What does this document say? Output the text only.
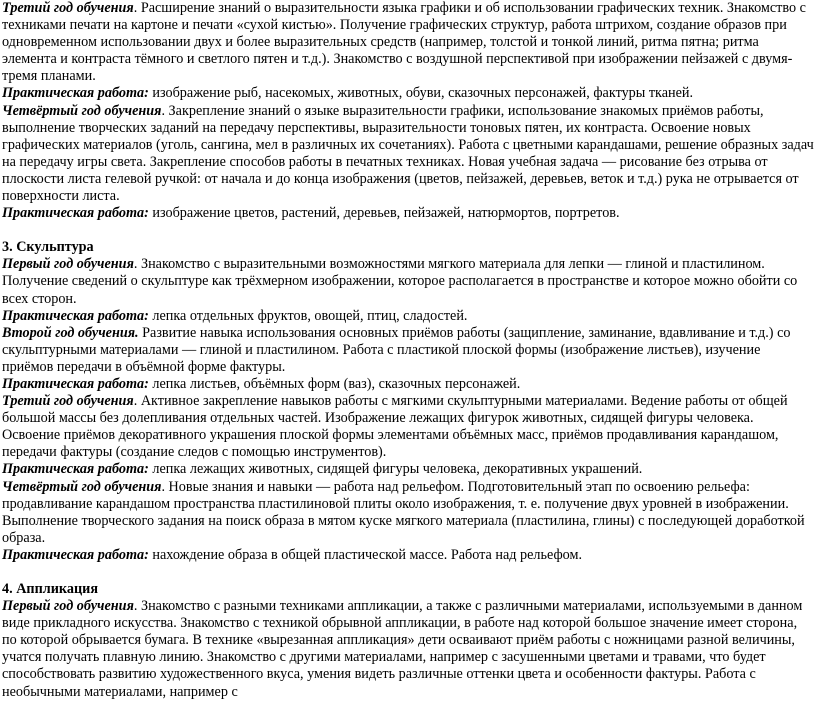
Третий год обучения. Расширение знаний о выразительности языка графики и об использовании графических техник. Знакомство с техниками печати на картоне и печати «сухой кистью». Получение графических структур, работа штрихом, создание образов при одновременном использовании двух и более выразительных средств (например, толстой и тонкой линий, ритма пятна; ритма элемента и контраста тёмного и светлого пятен и т.д.). Знакомство с воздушной перспективой при изображении пейзажей с двумя-тремя планами.

Практическая работа: изображение рыб, насекомых, животных, обуви, сказочных персонажей, фактуры тканей.

Четвёртый год обучения. Закрепление знаний о языке выразительности графики, использование знакомых приёмов работы, выполнение творческих заданий на передачу перспективы, выразительности тоновых пятен, их контраста. Освоение новых графических материалов (уголь, сангина, мел в различных их сочетаниях). Работа с цветными карандашами, решение образных задач на передачу игры света. Закрепление способов работы в печатных техниках. Новая учебная задача — рисование без отрыва от плоскости листа гелевой ручкой: от начала и до конца изображения (цветов, пейзажей, деревьев, веток и т.д.) рука не отрывается от поверхности листа.

Практическая работа: изображение цветов, растений, деревьев, пейзажей, натюрмортов, портретов.

3. Скульптура

Первый год обучения. Знакомство с выразительными возможностями мягкого материала для лепки — глиной и пластилином. Получение сведений о скульптуре как трёхмерном изображении, которое располагается в пространстве и которое можно обойти со всех сторон.

Практическая работа: лепка отдельных фруктов, овощей, птиц, сладостей.

Второй год обучения. Развитие навыка использования основных приёмов работы (защипление, заминание, вдавливание и т.д.) со скульптурными материалами — глиной и пластилином. Работа с пластикой плоской формы (изображение листьев), изучение приёмов передачи в объёмной форме фактуры.

Практическая работа: лепка листьев, объёмных форм (ваз), сказочных персонажей.

Третий год обучения. Активное закрепление навыков работы с мягкими скульптурными материалами. Ведение работы от общей большой массы без долепливания отдельных частей. Изображение лежащих фигурок животных, сидящей фигуры человека. Освоение приёмов декоративного украшения плоской формы элементами объёмных масс, приёмов продавливания карандашом, передачи фактуры (создание следов с помощью инструментов).

Практическая работа: лепка лежащих животных, сидящей фигуры человека, декоративных украшений.

Четвёртый год обучения. Новые знания и навыки — работа над рельефом. Подготовительный этап по освоению рельефа: продавливание карандашом пространства пластилиновой плиты около изображения, т. е. получение двух уровней в изображении. Выполнение творческого задания на поиск образа в мятом куске мягкого материала (пластилина, глины) с последующей доработкой образа.

Практическая работа: нахождение образа в общей пластической массе. Работа над рельефом.

4. Аппликация

Первый год обучения. Знакомство с разными техниками аппликации, а также с различными материалами, используемыми в данном виде прикладного искусства. Знакомство с техникой обрывной аппликации, в работе над которой большое значение имеет сторона, по которой обрывается бумага. В технике «вырезанная аппликация» дети осваивают приём работы с ножницами разной величины, учатся получать плавную линию. Знакомство с другими материалами, например с засушенными цветами и травами, что будет способствовать развитию художественного вкуса, умения видеть различные оттенки цвета и особенности фактуры. Работа с необычными материалами, например с
